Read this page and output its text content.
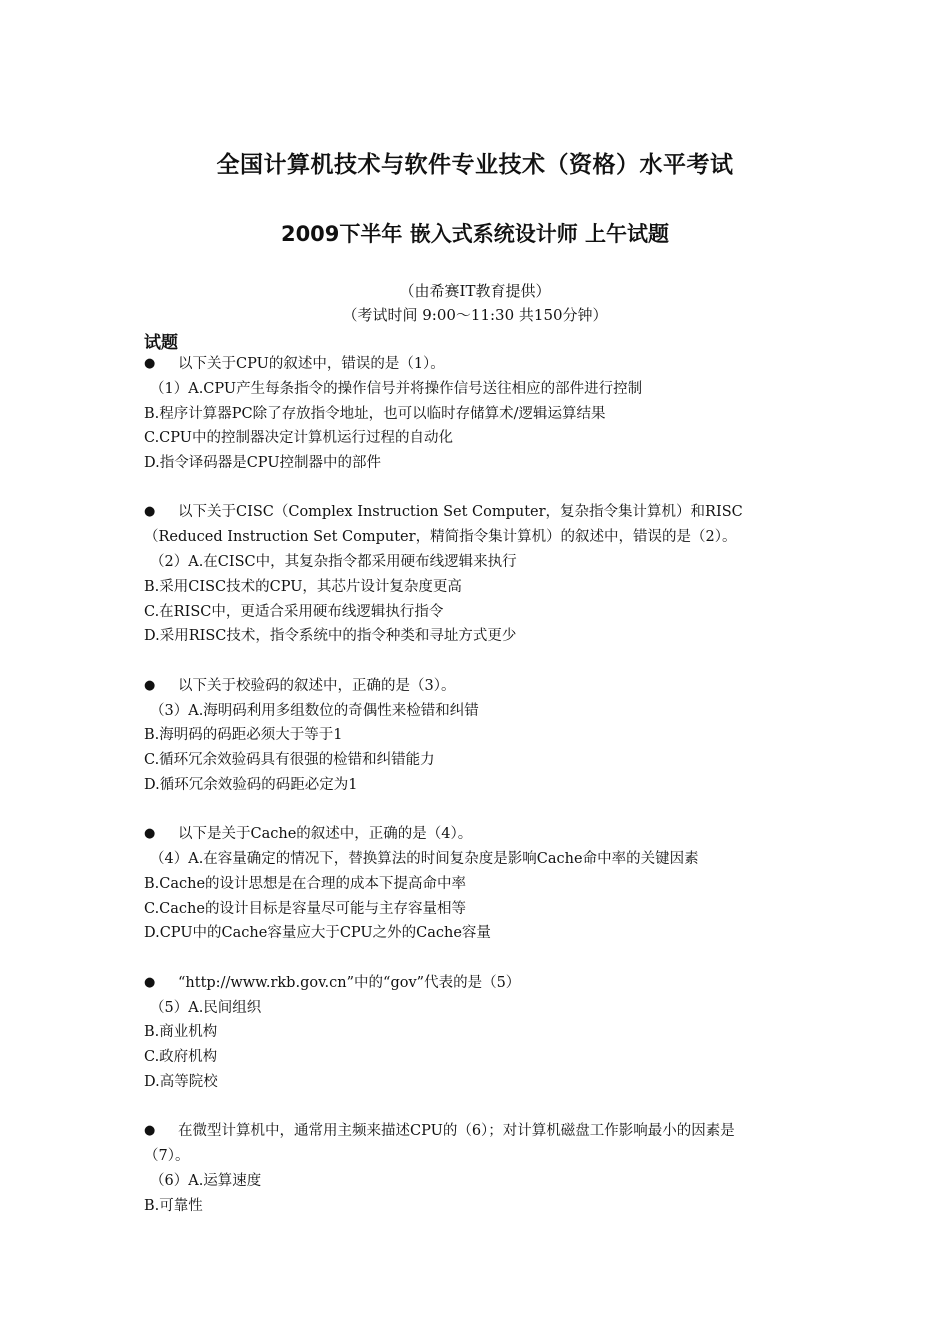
全国计算机技术与软件专业技术（资格）水平考试
2009下半年 嵌入式系统设计师 上午试题
（由希赛IT教育提供）
（考试时间 9:00～11:30 共150分钟）
试题
● 以下关于CPU的叙述中，错误的是（1）。
（1）A.CPU产生每条指令的操作信号并将操作信号送往相应的部件进行控制
B.程序计算器PC除了存放指令地址，也可以临时存储算术/逻辑运算结果
C.CPU中的控制器决定计算机运行过程的自动化
D.指令译码器是CPU控制器中的部件
● 以下关于CISC（Complex Instruction Set Computer，复杂指令集计算机）和RISC
（Reduced Instruction Set Computer，精简指令集计算机）的叙述中，错误的是（2）。
（2）A.在CISC中，其复杂指令都采用硬布线逻辑来执行
B.采用CISC技术的CPU，其芯片设计复杂度更高
C.在RISC中，更适合采用硬布线逻辑执行指令
D.采用RISC技术，指令系统中的指令种类和寻址方式更少
● 以下关于校验码的叙述中，正确的是（3）。
（3）A.海明码利用多组数位的奇偶性来检错和纠错
B.海明码的码距必须大于等于1
C.循环冗余效验码具有很强的检错和纠错能力
D.循环冗余效验码的码距必定为1
● 以下是关于Cache的叙述中，正确的是（4）。
（4）A.在容量确定的情况下，替换算法的时间复杂度是影响Cache命中率的关键因素
B.Cache的设计思想是在合理的成本下提高命中率
C.Cache的设计目标是容量尽可能与主存容量相等
D.CPU中的Cache容量应大于CPU之外的Cache容量
● “http://www.rkb.gov.cn”中的“gov”代表的是（5）
（5）A.民间组织
B.商业机构
C.政府机构
D.高等院校
● 在微型计算机中，通常用主频来描述CPU的（6）；对计算机磁盘工作影响最小的因素是
（7）。
（6）A.运算速度
B.可靠性
